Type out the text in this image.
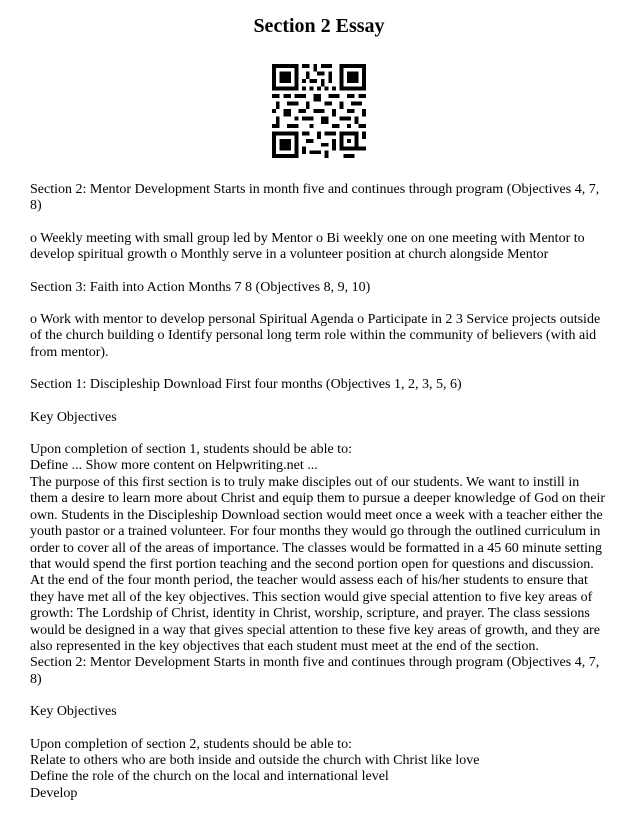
Section 2 Essay

Section 2: Mentor Development Starts in month five and continues through program (Objectives 4, 7, 8)

o Weekly meeting with small group led by Mentor o Bi weekly one on one meeting with Mentor to develop spiritual growth o Monthly serve in a volunteer position at church alongside Mentor

Section 3: Faith into Action Months 7 8 (Objectives 8, 9, 10)

o Work with mentor to develop personal Spiritual Agenda o Participate in 2 3 Service projects outside of the church building o Identify personal long term role within the community of believers (with aid from mentor).

Section 1: Discipleship Download First four months (Objectives 1, 2, 3, 5, 6)

Key Objectives

Upon completion of section 1, students should be able to:

Define ... Show more content on Helpwriting.net ...

The purpose of this first section is to truly make disciples out of our students. We want to instill in them a desire to learn more about Christ and equip them to pursue a deeper knowledge of God on their own. Students in the Discipleship Download section would meet once a week with a teacher either the youth pastor or a trained volunteer. For four months they would go through the outlined curriculum in order to cover all of the areas of importance. The classes would be formatted in a 45 60 minute setting that would spend the first portion teaching and the second portion open for questions and discussion. At the end of the four month period, the teacher would assess each of his/her students to ensure that they have met all of the key objectives. This section would give special attention to five key areas of growth: The Lordship of Christ, identity in Christ, worship, scripture, and prayer. The class sessions would be designed in a way that gives special attention to these five key areas of growth, and they are also represented in the key objectives that each student must meet at the end of the section.

Section 2: Mentor Development Starts in month five and continues through program (Objectives 4, 7, 8)

Key Objectives

Upon completion of section 2, students should be able to:

Relate to others who are both inside and outside the church with Christ like love

Define the role of the church on the local and international level

Develop
